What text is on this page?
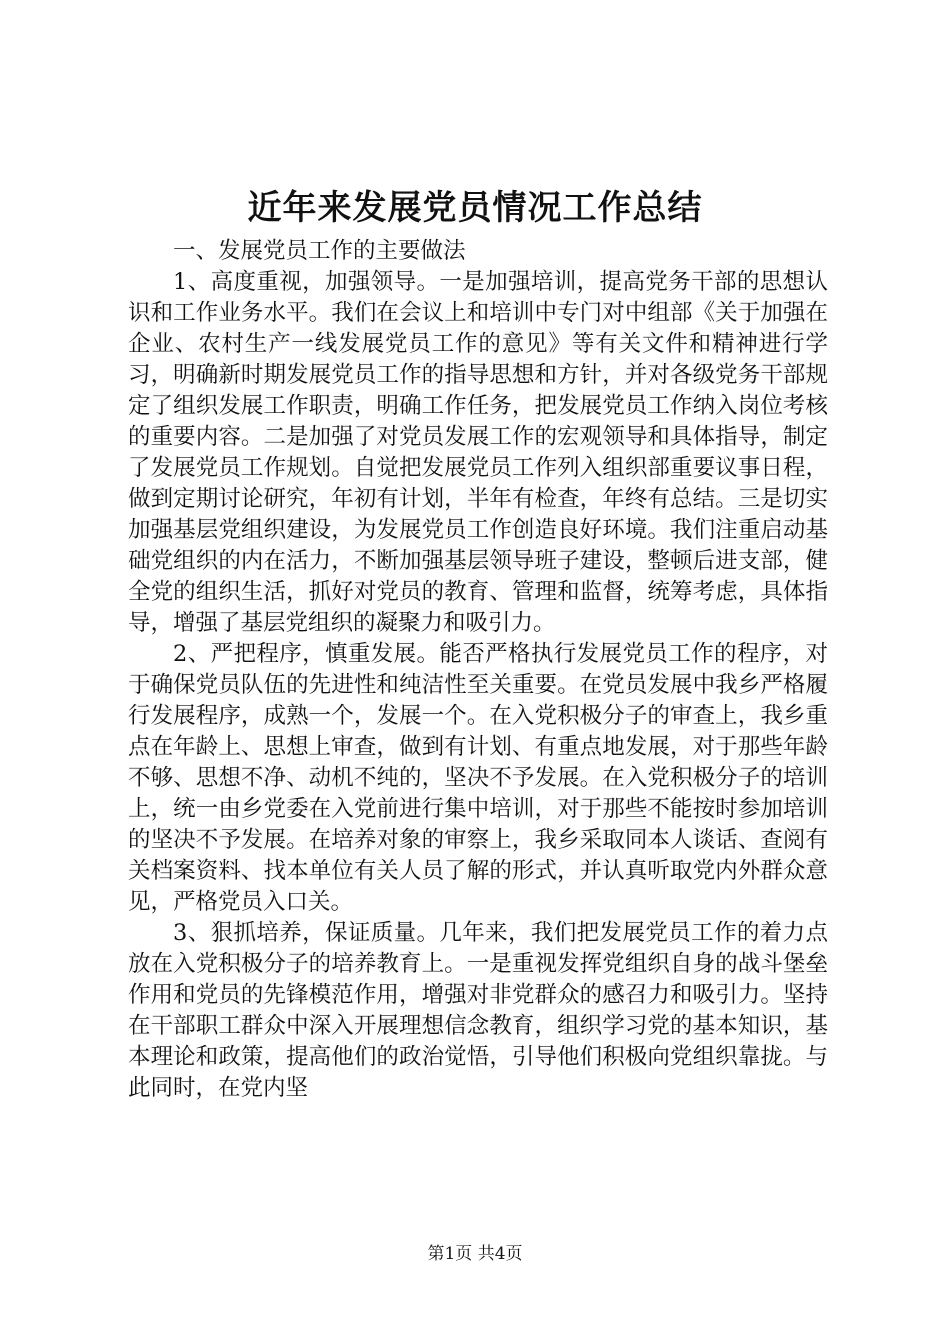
近年来发展党员情况工作总结

一、发展党员工作的主要做法

1、高度重视，加强领导。一是加强培训，提高党务干部的思想认识和工作业务水平。我们在会议上和培训中专门对中组部《关于加强在企业、农村生产一线发展党员工作的意见》等有关文件和精神进行学习，明确新时期发展党员工作的指导思想和方针，并对各级党务干部规定了组织发展工作职责，明确工作任务，把发展党员工作纳入岗位考核的重要内容。二是加强了对党员发展工作的宏观领导和具体指导，制定了发展党员工作规划。自觉把发展党员工作列入组织部重要议事日程，做到定期讨论研究，年初有计划，半年有检查，年终有总结。三是切实加强基层党组织建设，为发展党员工作创造良好环境。我们注重启动基础党组织的内在活力，不断加强基层领导班子建设，整顿后进支部，健全党的组织生活，抓好对党员的教育、管理和监督，统筹考虑，具体指导，增强了基层党组织的凝聚力和吸引力。

2、严把程序，慎重发展。能否严格执行发展党员工作的程序，对于确保党员队伍的先进性和纯洁性至关重要。在党员发展中我乡严格履行发展程序，成熟一个，发展一个。在入党积极分子的审查上，我乡重点在年龄上、思想上审查，做到有计划、有重点地发展，对于那些年龄不够、思想不净、动机不纯的，坚决不予发展。在入党积极分子的培训上，统一由乡党委在入党前进行集中培训，对于那些不能按时参加培训的坚决不予发展。在培养对象的审察上，我乡采取同本人谈话、查阅有关档案资料、找本单位有关人员了解的形式，并认真听取党内外群众意见，严格党员入口关。

3、狠抓培养，保证质量。几年来，我们把发展党员工作的着力点放在入党积极分子的培养教育上。一是重视发挥党组织自身的战斗堡垒作用和党员的先锋模范作用，增强对非党群众的感召力和吸引力。坚持在干部职工群众中深入开展理想信念教育，组织学习党的基本知识，基本理论和政策，提高他们的政治觉悟，引导他们积极向党组织靠拢。与此同时，在党内坚

第1页 共4页
